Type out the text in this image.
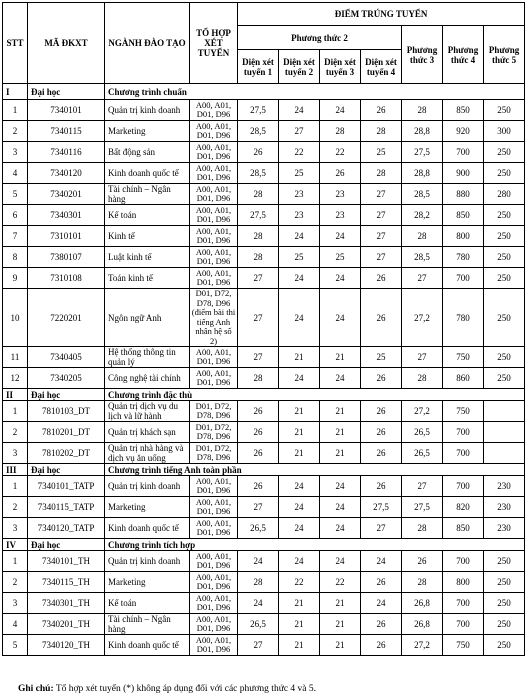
STT	MÃ ĐKXT	NGÀNH ĐÀO TẠO	TỔ HỢP XÉT TUYỂN	ĐIỂM TRÚNG TUYỂN						
				Phương thức 2				Phương thức 3	Phương thức 4	Phương thức 5
				Diện xét tuyển 1	Diện xét tuyển 2	Diện xét tuyển 3	Diện xét tuyển 4			
I	Đại học	Chương trình chuẩn								
1	7340101	Quản trị kinh doanh	A00, A01, D01, D96	27,5	24	24	26	28	850	250
2	7340115	Marketing	A00, A01, D01, D96	28,5	27	28	28	28,8	920	300
3	7340116	Bất động sản	A00, A01, D01, D96	26	22	22	25	27,5	700	250
4	7340120	Kinh doanh quốc tế	A00, A01, D01, D96	28,5	25	26	28	28,8	900	250
5	7340201	Tài chính – Ngân hàng	A00, A01, D01, D96	28	23	23	27	28,5	880	280
6	7340301	Kế toán	A00, A01, D01, D96	27,5	23	23	27	28,2	850	250
7	7310101	Kinh tế	A00, A01, D01, D96	28	24	24	27	28	800	250
8	7380107	Luật kinh tế	A00, A01, D01, D96	28	25	25	27	28,5	780	250
9	7310108	Toán kinh tế	A00, A01, D01, D96	27	24	24	26	27	700	250
10	7220201	Ngôn ngữ Anh	D01, D72, D78, D96 (điểm bài thi tiếng Anh nhân hệ số 2)	27	24	24	26	27,2	780	250
11	7340405	Hệ thống thông tin quản lý	A00, A01, D01, D96	27	21	21	25	27	750	250
12	7340205	Công nghệ tài chính	A00, A01, D01, D96	28	24	24	26	28	860	250
II	Đại học	Chương trình đặc thù								
1	7810103_DT	Quản trị dịch vụ du lịch và lữ hành	D01, D72, D78, D96	26	21	21	26	27,2	750	
2	7810201_DT	Quản trị khách sạn	D01, D72, D78, D96	26	21	21	26	26,5	700	
3	7810202_DT	Quản trị nhà hàng và dịch vụ ăn uống	D01, D72, D78, D96	26	21	21	26	26,5	700	
III	Đại học	Chương trình tiếng Anh toàn phần								
1	7340101_TATP	Quản trị kinh doanh	A00, A01, D01, D96	26	24	24	26	27	700	230
2	7340115_TATP	Marketing	A00, A01, D01, D96	27	24	24	27,5	27,5	820	230
3	7340120_TATP	Kinh doanh quốc tế	A00, A01, D01, D96	26,5	24	24	27	28	850	230
IV	Đại học	Chương trình tích hợp								
1	7340101_TH	Quản trị kinh doanh	A00, A01, D01, D96	24	24	24	24	26	700	250
2	7340115_TH	Marketing	A00, A01, D01, D96	28	22	22	26	28	800	250
3	7340301_TH	Kế toán	A00, A01, D01, D96	24	21	21	24	26,8	700	250
4	7340201_TH	Tài chính – Ngân hàng	A00, A01, D01, D96	26,5	21	21	26	26,8	700	250
5	7340120_TH	Kinh doanh quốc tế	A00, A01, D01, D96	27	21	21	26	27,2	750	250
Ghi chú: Tổ hợp xét tuyển (*) không áp dụng đối với các phương thức 4 và 5.
